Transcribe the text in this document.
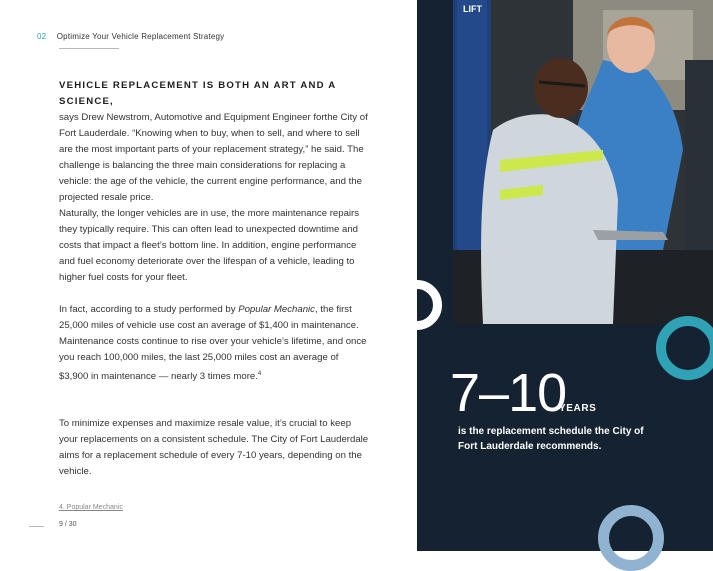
02 Optimize Your Vehicle Replacement Strategy
VEHICLE REPLACEMENT IS BOTH AN ART AND A SCIENCE,
says Drew Newstrom, Automotive and Equipment Engineer forthe City of Fort Lauderdale. “Knowing when to buy, when to sell, and where to sell are the most important parts of your replacement strategy,” he said. The challenge is balancing the three main considerations for replacing a vehicle: the age of the vehicle, the current engine performance, and the projected resale price.
Naturally, the longer vehicles are in use, the more maintenance repairs they typically require. This can often lead to unexpected downtime and costs that impact a fleet’s bottom line. In addition, engine performance and fuel economy deteriorate over the lifespan of a vehicle, leading to higher fuel costs for your fleet.
In fact, according to a study performed by Popular Mechanic, the first 25,000 miles of vehicle use cost an average of $1,400 in maintenance. Maintenance costs continue to rise over your vehicle’s lifetime, and once you reach 100,000 miles, the last 25,000 miles cost an average of $3,900 in maintenance — nearly 3 times more.$^4$
To minimize expenses and maximize resale value, it’s crucial to keep your replacements on a consistent schedule. The City of Fort Lauderdale aims for a replacement schedule of every 7-10 years, depending on the vehicle.
4. Popular Mechanic
9 / 30
LIFT
7–10
YEARS
is the replacement schedule the City of Fort Lauderdale recommends.
